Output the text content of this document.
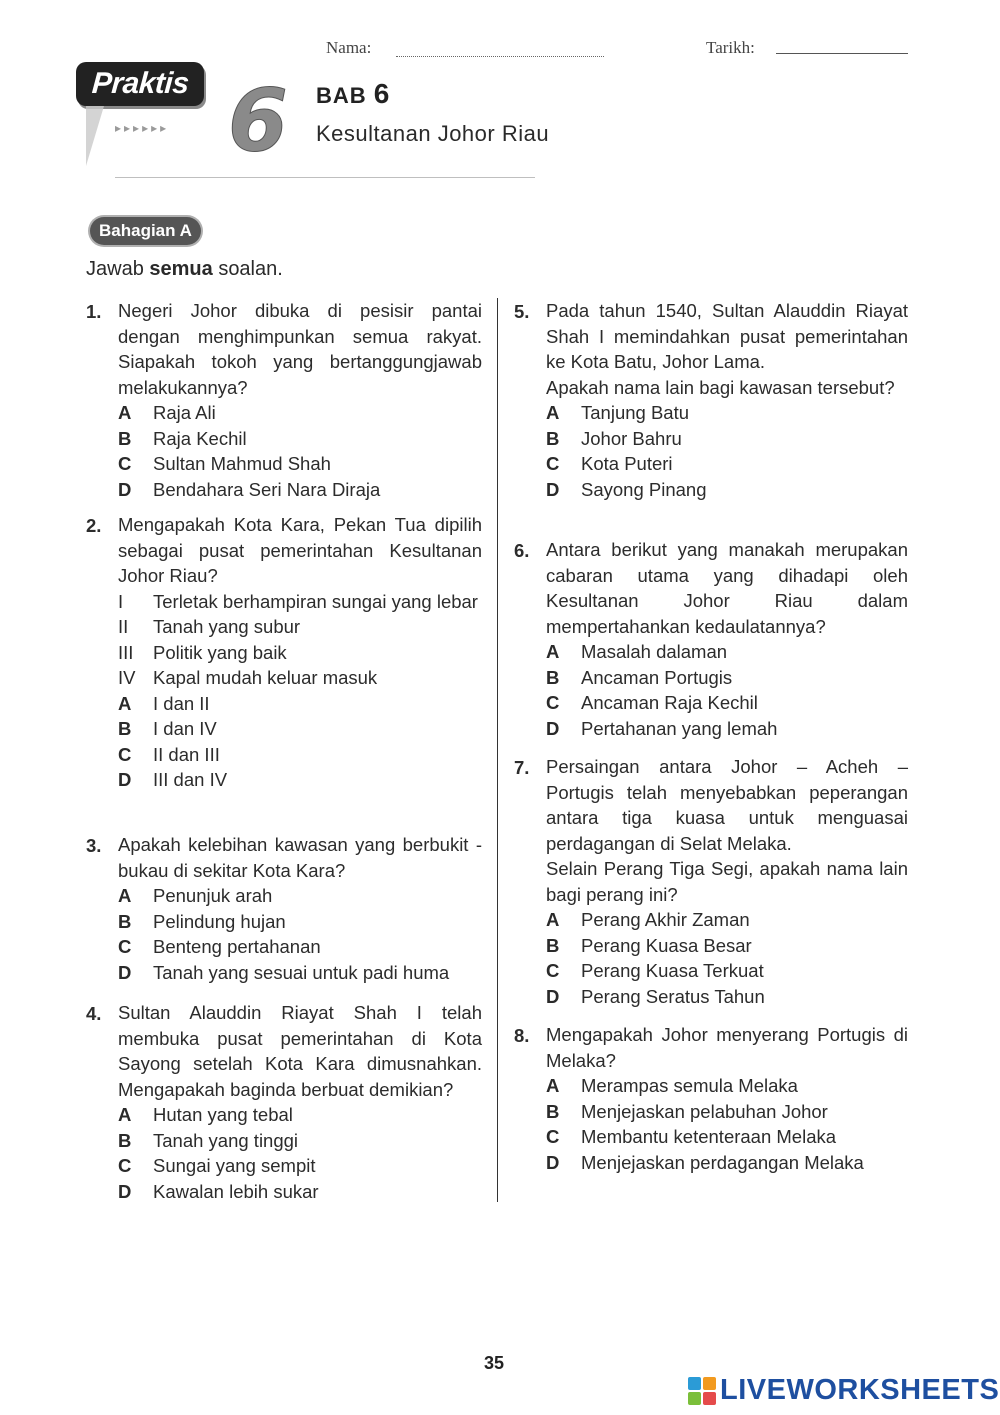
Nama:	Tarikh:
Praktis
▸▸▸▸▸▸ 6 BAB 6
Kesultanan Johor Riau
Bahagian A
Jawab semua soalan.
1. Negeri Johor dibuka di pesisir pantai dengan menghimpunkan semua rakyat. Siapakah tokoh yang bertanggungjawab melakukannya?
A	Raja Ali
B	Raja Kechil
C	Sultan Mahmud Shah
D	Bendahara Seri Nara Diraja
2. Mengapakah Kota Kara, Pekan Tua dipilih sebagai pusat pemerintahan Kesultanan Johor Riau?
I	Terletak berhampiran sungai yang lebar
II	Tanah yang subur
III	Politik yang baik
IV Kapal mudah keluar masuk
A	I dan II
B	I dan IV
C	II dan III
D	III dan IV
3. Apakah kelebihan kawasan yang berbukit -bukau di sekitar Kota Kara?
A	Penunjuk arah
B	Pelindung hujan
C	Benteng pertahanan
D	Tanah yang sesuai untuk padi huma
4. Sultan Alauddin Riayat Shah I telah membuka pusat pemerintahan di Kota Sayong setelah Kota Kara dimusnahkan. Mengapakah baginda berbuat demikian?
A	Hutan yang tebal
B	Tanah yang tinggi
C	Sungai yang sempit
D	Kawalan lebih sukar
5. Pada tahun 1540, Sultan Alauddin Riayat Shah I memindahkan pusat pemerintahan ke Kota Batu, Johor Lama.
Apakah nama lain bagi kawasan tersebut?
A	Tanjung Batu
B	Johor Bahru
C	Kota Puteri
D	Sayong Pinang
6. Antara berikut yang manakah merupakan cabaran utama yang dihadapi oleh Kesultanan Johor Riau dalam mempertahankan kedaulatannya?
A	Masalah dalaman
B	Ancaman Portugis
C	Ancaman Raja Kechil
D	Pertahanan yang lemah
7. Persaingan antara Johor – Acheh – Portugis telah menyebabkan peperangan antara tiga kuasa untuk menguasai perdagangan di Selat Melaka.
Selain Perang Tiga Segi, apakah nama lain bagi perang ini?
A	Perang Akhir Zaman
B	Perang Kuasa Besar
C	Perang Kuasa Terkuat
D	Perang Seratus Tahun
8. Mengapakah Johor menyerang Portugis di Melaka?
A	Merampas semula Melaka
B	Menjejaskan pelabuhan Johor
C	Membantu ketenteraan Melaka
D	Menjejaskan perdagangan Melaka
35
LIVEWORKSHEETS
